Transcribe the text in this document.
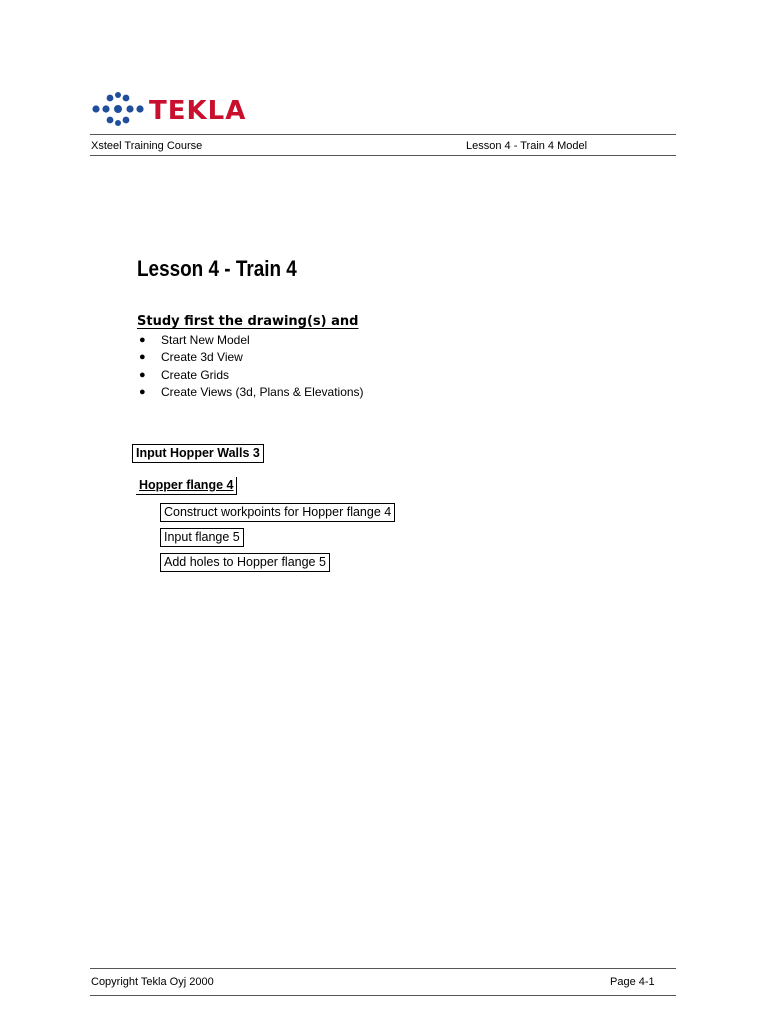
TEKLA
Xsteel Training Course	Lesson 4 - Train 4 Model
Lesson 4 - Train 4
Study first the drawing(s) and
● Start New Model
● Create 3d View
● Create Grids
● Create Views (3d, Plans & Elevations)
Input Hopper Walls 3
Hopper flange 4
Construct workpoints for Hopper flange 4
Input flange 5
Add holes to Hopper flange 5
Copyright Tekla Oyj 2000	Page 4-1
